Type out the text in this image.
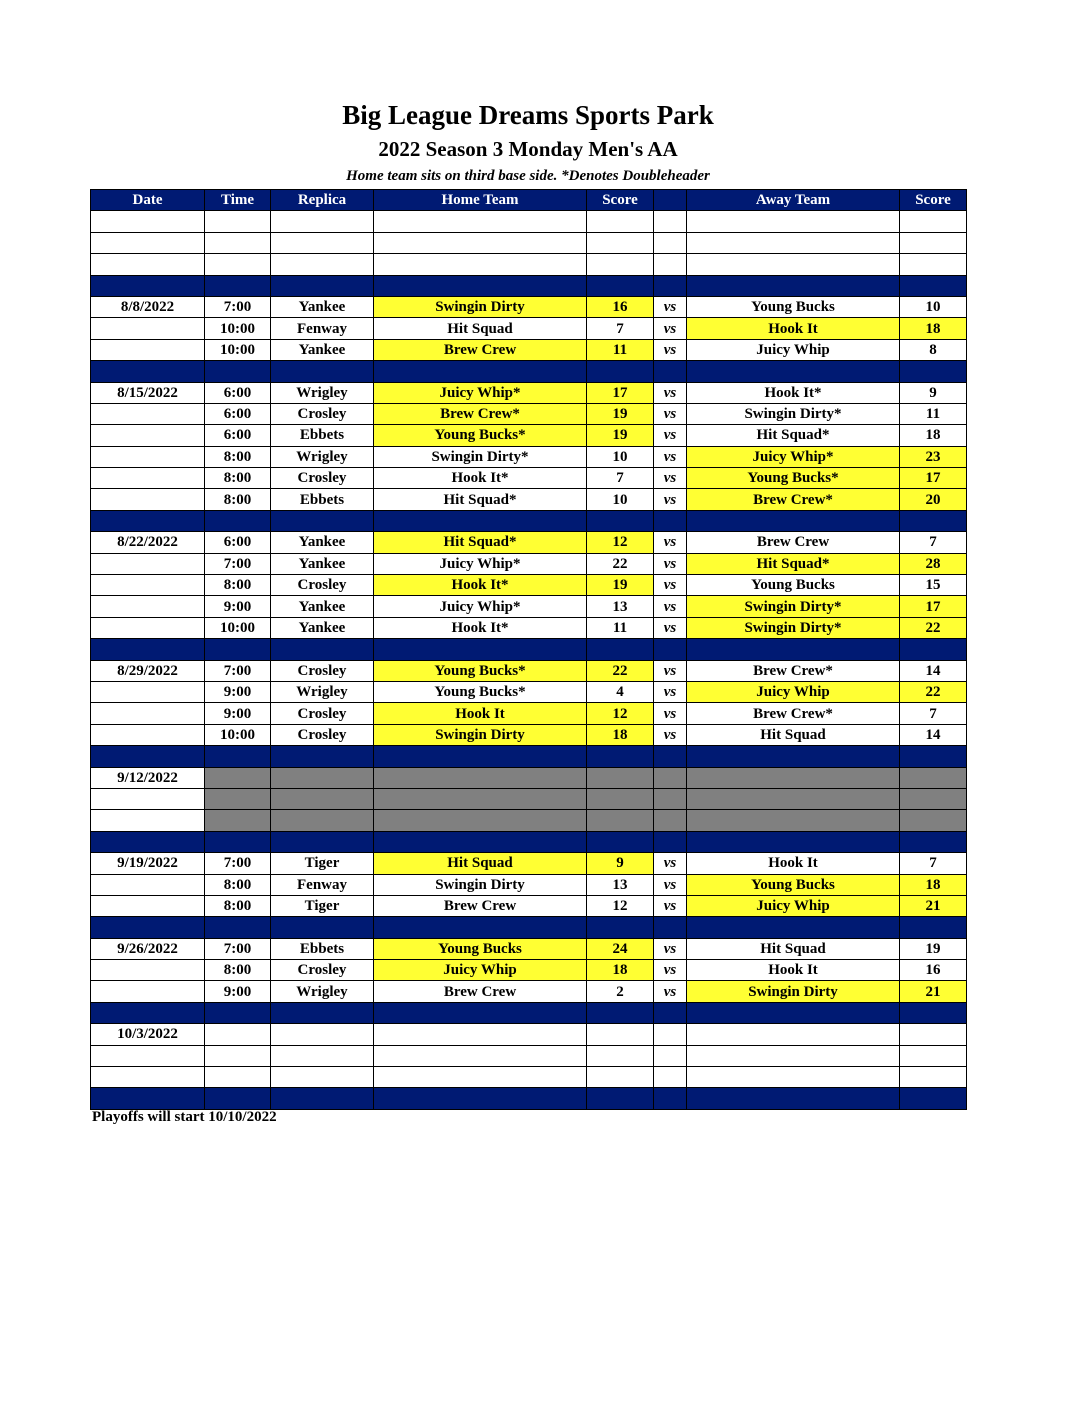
Big League Dreams Sports Park
2022 Season 3 Monday Men's AA
Home team sits on third base side. *Denotes Doubleheader
Date	Time	Replica	Home Team	Score		Away Team	Score

8/8/2022	7:00	Yankee	Swingin Dirty	16	vs	Young Bucks	10
	10:00	Fenway	Hit Squad	7	vs	Hook It	18
	10:00	Yankee	Brew Crew	11	vs	Juicy Whip	8

8/15/2022	6:00	Wrigley	Juicy Whip*	17	vs	Hook It*	9
	6:00	Crosley	Brew Crew*	19	vs	Swingin Dirty*	11
	6:00	Ebbets	Young Bucks*	19	vs	Hit Squad*	18
	8:00	Wrigley	Swingin Dirty*	10	vs	Juicy Whip*	23
	8:00	Crosley	Hook It*	7	vs	Young Bucks*	17
	8:00	Ebbets	Hit Squad*	10	vs	Brew Crew*	20

8/22/2022	6:00	Yankee	Hit Squad*	12	vs	Brew Crew	7
	7:00	Yankee	Juicy Whip*	22	vs	Hit Squad*	28
	8:00	Crosley	Hook It*	19	vs	Young Bucks	15
	9:00	Yankee	Juicy Whip*	13	vs	Swingin Dirty*	17
	10:00	Yankee	Hook It*	11	vs	Swingin Dirty*	22

8/29/2022	7:00	Crosley	Young Bucks*	22	vs	Brew Crew*	14
	9:00	Wrigley	Young Bucks*	4	vs	Juicy Whip	22
	9:00	Crosley	Hook It	12	vs	Brew Crew*	7
	10:00	Crosley	Swingin Dirty	18	vs	Hit Squad	14

9/12/2022							

9/19/2022	7:00	Tiger	Hit Squad	9	vs	Hook It	7
	8:00	Fenway	Swingin Dirty	13	vs	Young Bucks	18
	8:00	Tiger	Brew Crew	12	vs	Juicy Whip	21

9/26/2022	7:00	Ebbets	Young Bucks	24	vs	Hit Squad	19
	8:00	Crosley	Juicy Whip	18	vs	Hook It	16
	9:00	Wrigley	Brew Crew	2	vs	Swingin Dirty	21

10/3/2022							

Playoffs will start 10/10/2022
